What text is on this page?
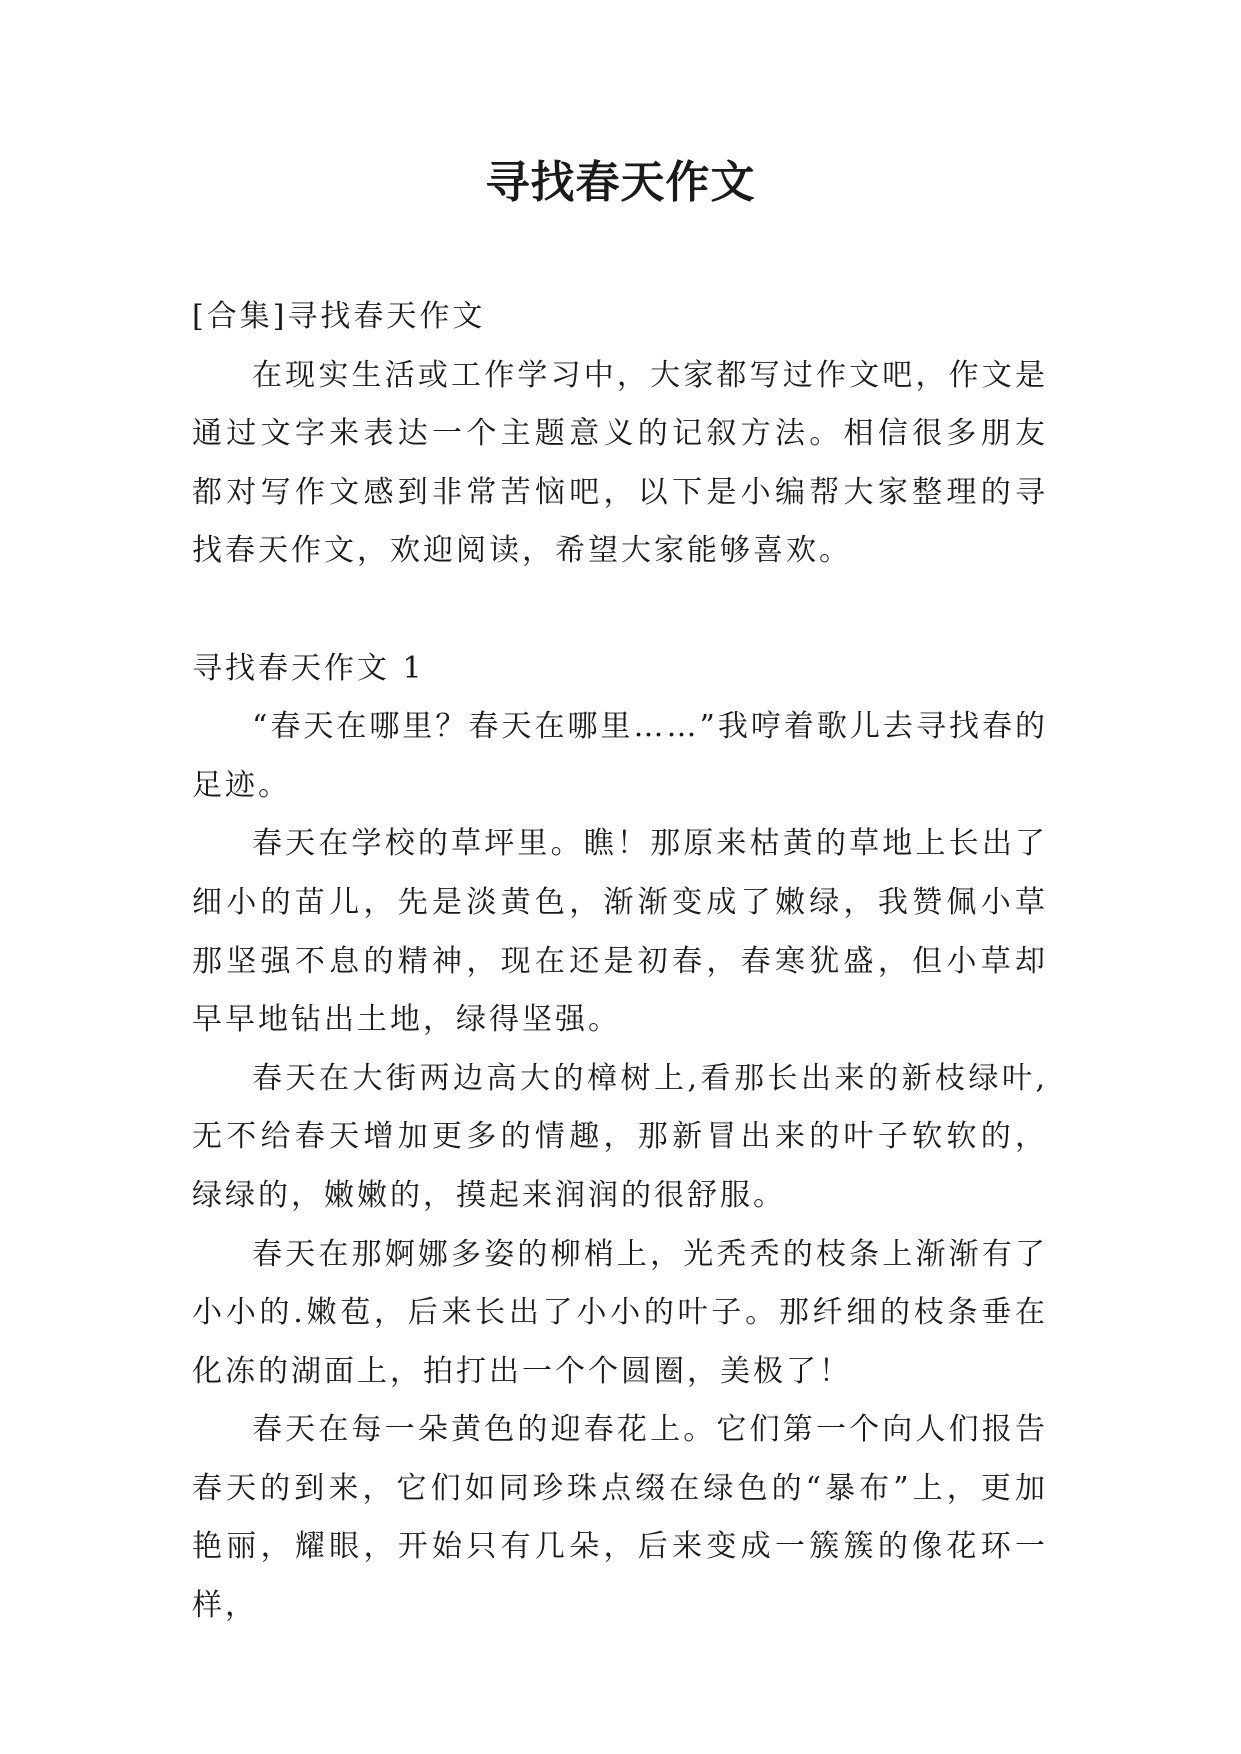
寻找春天作文

[合集]寻找春天作文

在现实生活或工作学习中，大家都写过作文吧，作文是通过文字来表达一个主题意义的记叙方法。相信很多朋友都对写作文感到非常苦恼吧，以下是小编帮大家整理的寻找春天作文，欢迎阅读，希望大家能够喜欢。

寻找春天作文 1

“春天在哪里？春天在哪里……”我哼着歌儿去寻找春的足迹。

春天在学校的草坪里。瞧！那原来枯黄的草地上长出了细小的苗儿，先是淡黄色，渐渐变成了嫩绿，我赞佩小草那坚强不息的精神，现在还是初春，春寒犹盛，但小草却早早地钻出土地，绿得坚强。

春天在大街两边高大的樟树上,看那长出来的新枝绿叶,无不给春天增加更多的情趣，那新冒出来的叶子软软的，绿绿的，嫩嫩的，摸起来润润的很舒服。

春天在那婀娜多姿的柳梢上，光秃秃的枝条上渐渐有了小小的.嫩苞，后来长出了小小的叶子。那纤细的枝条垂在化冻的湖面上，拍打出一个个圆圈，美极了！

春天在每一朵黄色的迎春花上。它们第一个向人们报告春天的到来，它们如同珍珠点缀在绿色的“暴布”上，更加艳丽，耀眼，开始只有几朵，后来变成一簇簇的像花环一样，
